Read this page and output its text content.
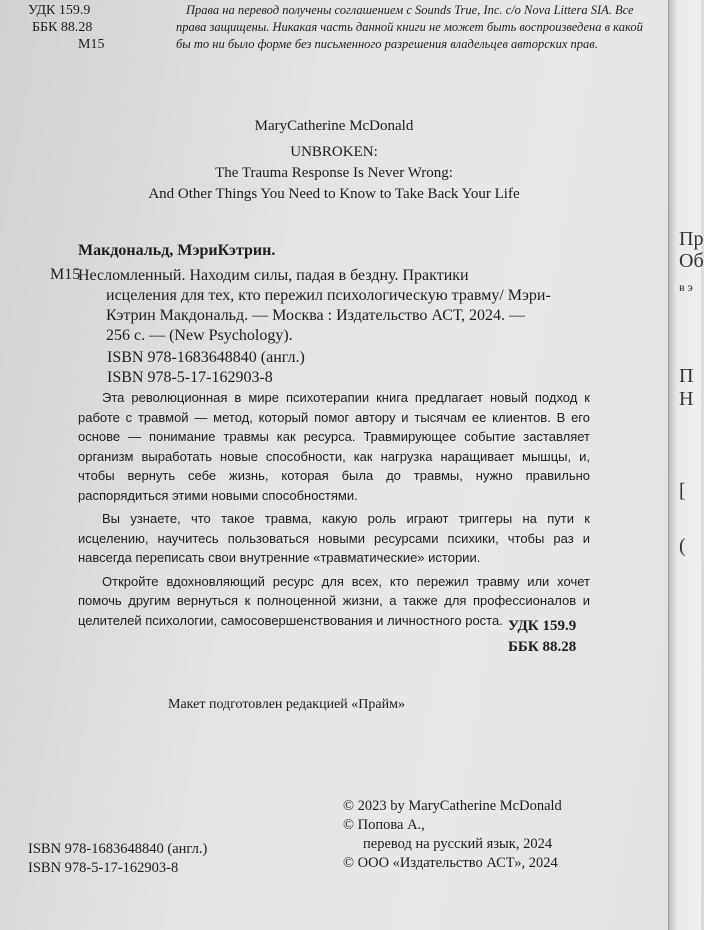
УДК 159.9
ББК 88.28
М15

Права на перевод получены соглашением с Sounds True, Inc. c/o Nova Littera SIA. Все права защищены. Никакая часть данной книги не может быть воспроизведена в какой бы то ни было форме без письменного разрешения владельцев авторских прав.

MaryCatherine McDonald
UNBROKEN:
The Trauma Response Is Never Wrong:
And Other Things You Need to Know to Take Back Your Life
Макдональд, МэриКэтрин.
М15
Несломленный. Находим силы, падая в бездну. Практики
исцеления для тех, кто пережил психологическую травму/ Мэри-
Кэтрин Макдональд. — Москва : Издательство АСТ, 2024. —
256 с. — (New Psychology).
ISBN 978-1683648840 (англ.)
ISBN 978-5-17-162903-8

Эта революционная в мире психотерапии книга предлагает новый подход к работе с травмой — метод, который помог автору и тысячам ее клиентов. В его основе — понимание травмы как ресурса. Травмирующее событие заставляет организм выработать новые способности, как нагрузка наращивает мышцы, и, чтобы вернуть себе жизнь, которая была до травмы, нужно правильно распорядиться этими новыми способностями.

Вы узнаете, что такое травма, какую роль играют триггеры на пути к исцелению, научитесь пользоваться новыми ресурсами психики, чтобы раз и навсегда переписать свои внутренние «травматические» истории.

Откройте вдохновляющий ресурс для всех, кто пережил травму или хочет помочь другим вернуться к полноценной жизни, а также для профессионалов и целителей психологии, самосовершенствования и личностного роста. УДК 159.9
ББК 88.28
Макет подготовлен редакцией «Прайм»
© 2023 by MaryCatherine McDonald
© Попова А.,
перевод на русский язык, 2024
© ООО «Издательство АСТ», 2024
ISBN 978-1683648840 (англ.)
ISBN 978-5-17-162903-8
Пр
Об
в э
П
Н
[
(
